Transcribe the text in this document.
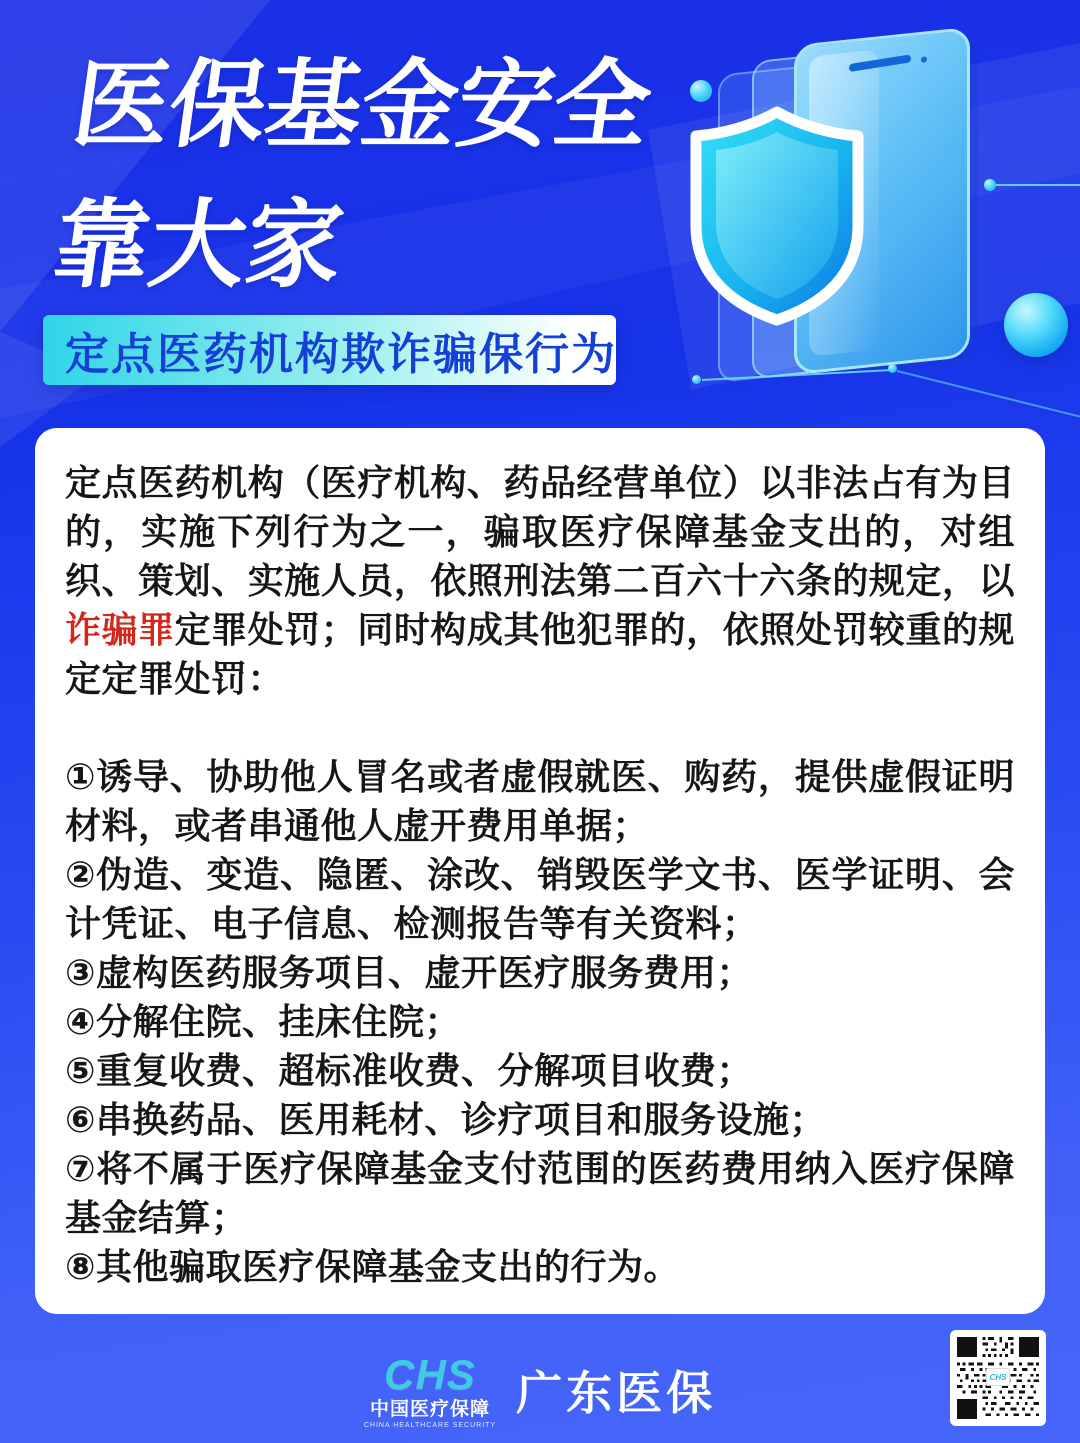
医保基金安全
靠大家
定点医药机构欺诈骗保行为

定点医药机构（医疗机构、药品经营单位）以非法占有为目的，实施下列行为之一，骗取医疗保障基金支出的，对组织、策划、实施人员，依照刑法第二百六十六条的规定，以诈骗罪定罪处罚；同时构成其他犯罪的，依照处罚较重的规定定罪处罚：

①诱导、协助他人冒名或者虚假就医、购药，提供虚假证明材料，或者串通他人虚开费用单据；
②伪造、变造、隐匿、涂改、销毁医学文书、医学证明、会计凭证、电子信息、检测报告等有关资料；
③虚构医药服务项目、虚开医疗服务费用；
④分解住院、挂床住院；
⑤重复收费、超标准收费、分解项目收费；
⑥串换药品、医用耗材、诊疗项目和服务设施；
⑦将不属于医疗保障基金支付范围的医药费用纳入医疗保障基金结算；
⑧其他骗取医疗保障基金支出的行为。
CHS
中国医疗保障
CHINA HEALTHCARE SECURITY
广东医保	CHS
